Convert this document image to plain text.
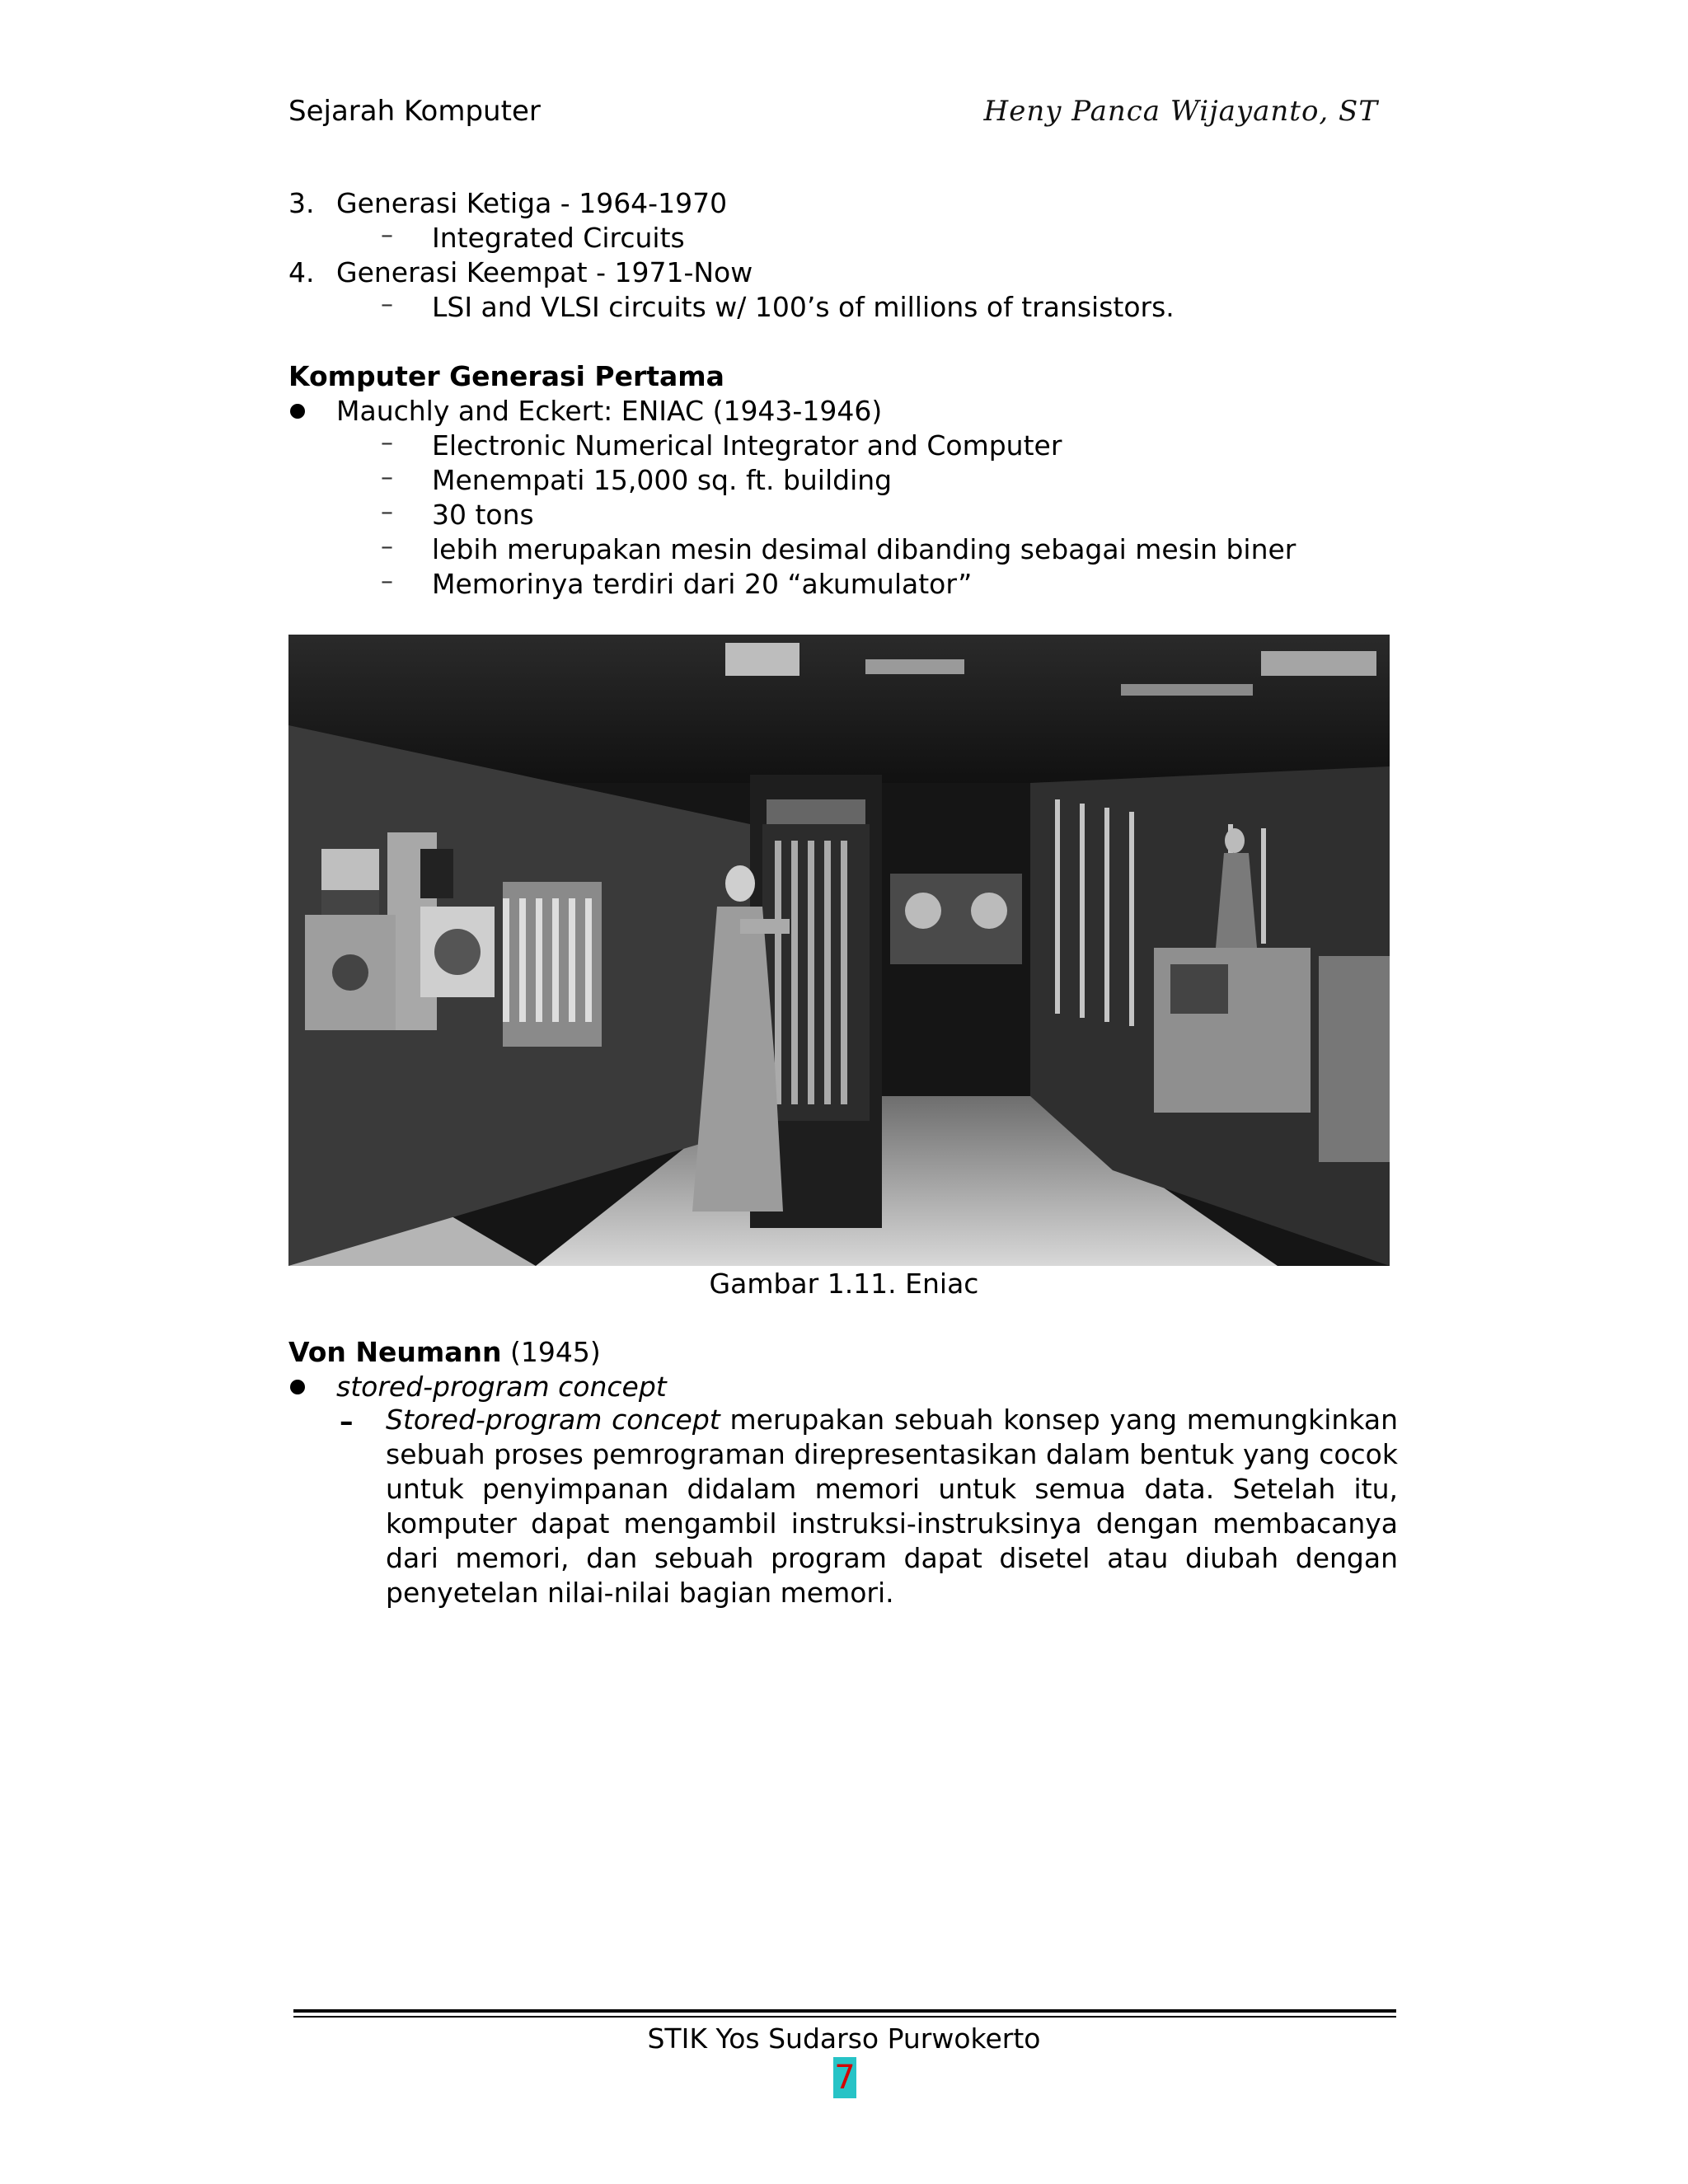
Sejarah Komputer	Heny Panca Wijayanto, ST
3. Generasi Ketiga - 1964-1970
– Integrated Circuits
4. Generasi Keempat - 1971-Now
– LSI and VLSI circuits w/ 100’s of millions of transistors.
Komputer Generasi Pertama
Mauchly and Eckert: ENIAC (1943-1946)
– Electronic Numerical Integrator and Computer
– Menempati 15,000 sq. ft. building
– 30 tons
– lebih merupakan mesin desimal dibanding sebagai mesin biner
– Memorinya terdiri dari 20 “akumulator”
Gambar 1.11. Eniac
Von Neumann (1945)
stored-program concept
– Stored-program concept merupakan sebuah konsep yang memungkinkan sebuah proses pemrograman direpresentasikan dalam bentuk yang cocok untuk penyimpanan didalam memori untuk semua data. Setelah itu, komputer dapat mengambil instruksi-instruksinya dengan membacanya dari memori, dan sebuah program dapat disetel atau diubah dengan penyetelan nilai-nilai bagian memori.
STIK Yos Sudarso Purwokerto
7
